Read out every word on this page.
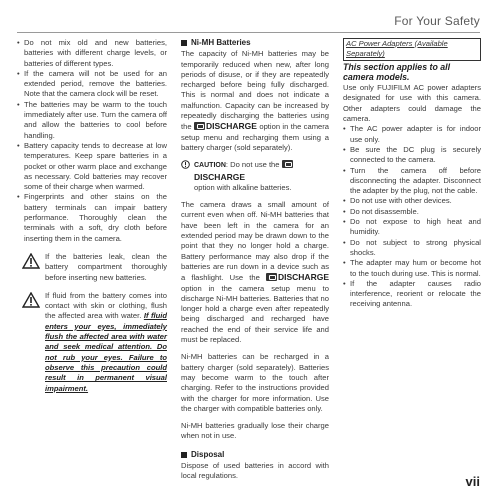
For Your Safety
• Do not mix old and new batteries, batteries with different charge levels, or batteries of different types.
• If the camera will not be used for an extended period, remove the batteries. Note that the camera clock will be reset.
• The batteries may be warm to the touch immediately after use. Turn the camera off and allow the batteries to cool before handling.
• Battery capacity tends to decrease at low temperatures. Keep spare batteries in a pocket or other warm place and exchange as necessary. Cold batteries may recover some of their charge when warmed.
• Fingerprints and other stains on the battery terminals can impair battery performance. Thoroughly clean the terminals with a soft, dry cloth before inserting them in the camera.
If the batteries leak, clean the battery compartment thoroughly before inserting new batteries.
If fluid from the battery comes into contact with skin or clothing, flush the affected area with water. If fluid enters your eyes, immediately flush the affected area with water and seek medical attention. Do not rub your eyes. Failure to observe this precaution could result in permanent visual impairment.
Ni-MH Batteries

The capacity of Ni-MH batteries may be temporarily reduced when new, after long periods of disuse, or if they are repeatedly recharged before being fully discharged. This is normal and does not indicate a malfunction. Capacity can be increased by repeatedly discharging the batteries using the DISCHARGE option in the camera setup menu and recharging them using a battery charger (sold separately).

CAUTION: Do not use the DISCHARGE
option with alkaline batteries.

The camera draws a small amount of current even when off. Ni-MH batteries that have been left in the camera for an extended period may be drawn down to the point that they no longer hold a charge. Battery performance may also drop if the batteries are run down in a device such as a flashlight. Use the DISCHARGE option in the camera setup menu to discharge Ni-MH batteries. Batteries that no longer hold a charge even after repeatedly being discharged and recharged have reached the end of their service life and must be replaced.

Ni-MH batteries can be recharged in a battery charger (sold separately). Batteries may become warm to the touch after charging. Refer to the instructions provided with the charger for more information. Use the charger with compatible batteries only.

Ni-MH batteries gradually lose their charge when not in use.

Disposal

Dispose of used batteries in accord with local regulations.

AC Power Adapters (Available Separately)
This section applies to all camera models.

Use only FUJIFILM AC power adapters designated for use with this camera. Other adapters could damage the camera.

• The AC power adapter is for indoor use only.
• Be sure the DC plug is securely connected to the camera.
• Turn the camera off before disconnecting the adapter. Disconnect the adapter by the plug, not the cable.
• Do not use with other devices.
• Do not disassemble.
• Do not expose to high heat and humidity.
• Do not subject to strong physical shocks.
• The adapter may hum or become hot to the touch during use. This is normal.
• If the adapter causes radio interference, reorient or relocate the receiving antenna.
vii
